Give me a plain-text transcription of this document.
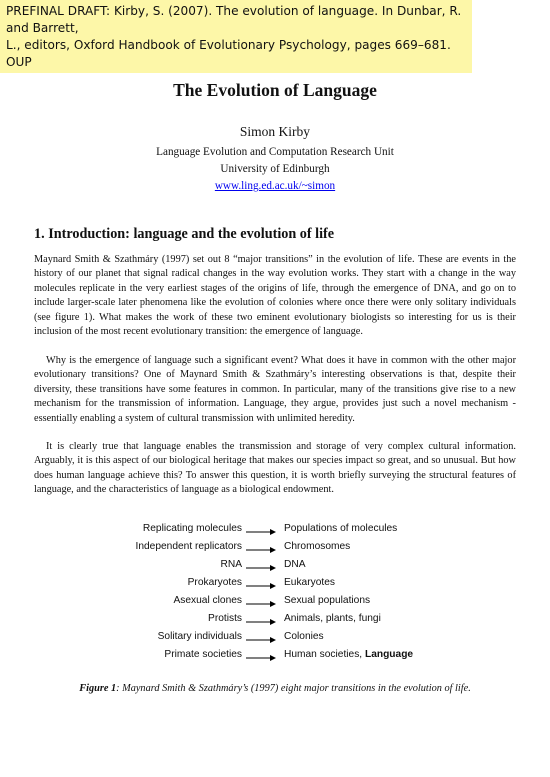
PREFINAL DRAFT: Kirby, S. (2007). The evolution of language. In Dunbar, R. and Barrett,
L., editors, Oxford Handbook of Evolutionary Psychology, pages 669–681. OUP
The Evolution of Language
Simon Kirby
Language Evolution and Computation Research Unit
University of Edinburgh
www.ling.ed.ac.uk/~simon
1. Introduction: language and the evolution of life

Maynard Smith & Szathmáry (1997) set out 8 “major transitions” in the evolution of life. These are events in the history of our planet that signal radical changes in the way evolution works. They start with a change in the way molecules replicate in the very earliest stages of the origins of life, through the emergence of DNA, and go on to include larger-scale later phenomena like the evolution of colonies where once there were only solitary individuals (see figure 1). What makes the work of these two eminent evolutionary biologists so interesting for us is their inclusion of the most recent evolutionary transition: the emergence of language.

Why is the emergence of language such a significant event? What does it have in common with the other major evolutionary transitions? One of Maynard Smith & Szathmáry’s interesting observations is that, despite their diversity, these transitions have some features in common. In particular, many of the transitions give rise to a new mechanism for the transmission of information. Language, they argue, provides just such a novel mechanism - essentially enabling a system of cultural transmission with unlimited heredity.

It is clearly true that language enables the transmission and storage of very complex cultural information. Arguably, it is this aspect of our biological heritage that makes our species impact so great, and so unusual. But how does human language achieve this? To answer this question, it is worth briefly surveying the structural features of language, and the characteristics of language as a biological endowment.

Replicating molecules	Populations of molecules
Independent replicators	Chromosomes
RNA	DNA
Prokaryotes	Eukaryotes
Asexual clones	Sexual populations
Protists	Animals, plants, fungi
Solitary individuals	Colonies
Primate societies	Human societies, Language
Figure 1: Maynard Smith & Szathmáry’s (1997) eight major transitions in the evolution of life.
